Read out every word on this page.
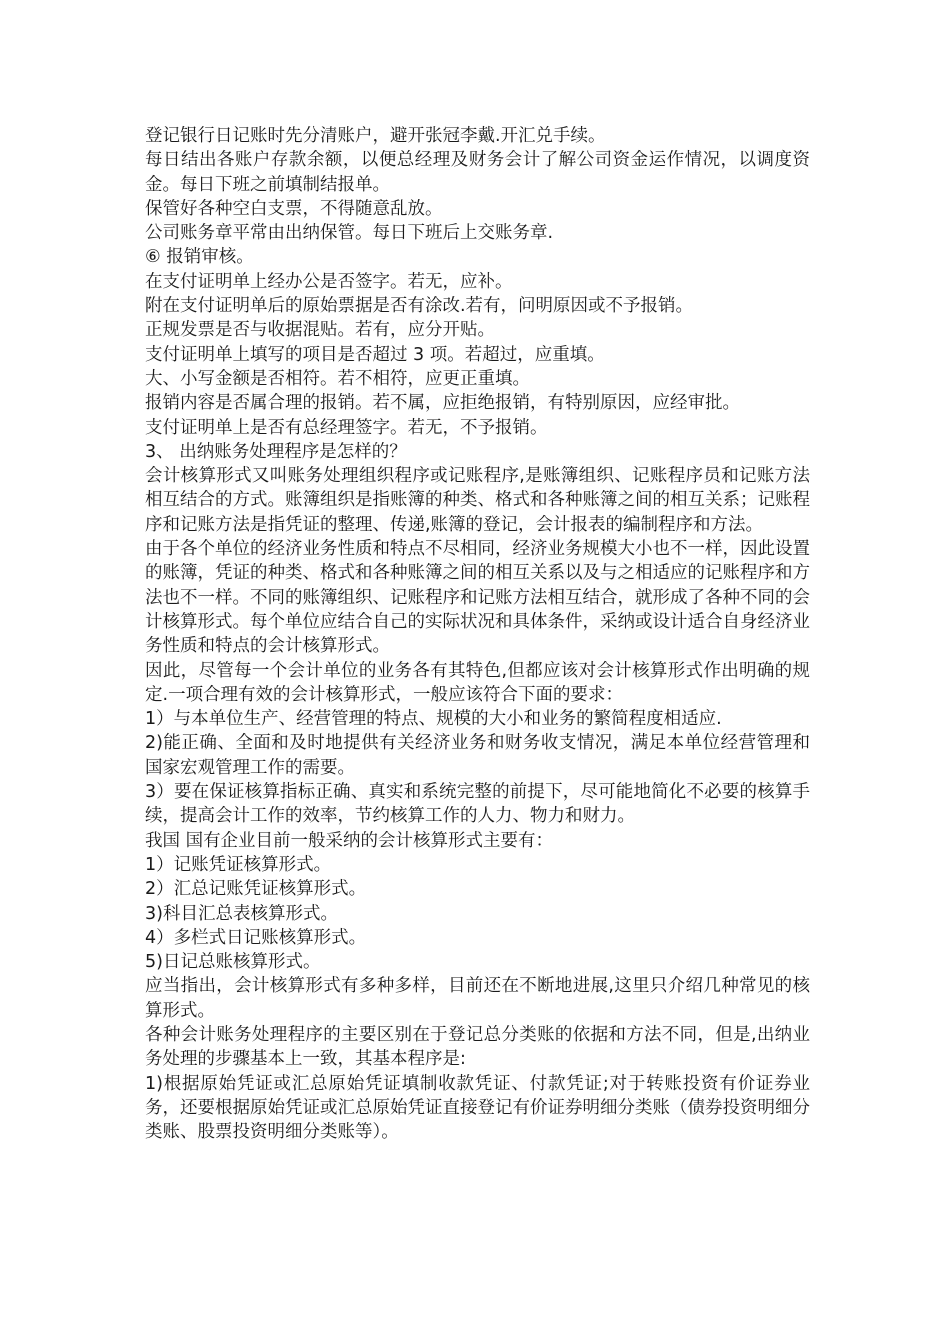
登记银行日记账时先分清账户，避开张冠李戴.开汇兑手续。

每日结出各账户存款余额，以便总经理及财务会计了解公司资金运作情况，以调度资金。每日下班之前填制结报单。

保管好各种空白支票，不得随意乱放。

公司账务章平常由出纳保管。每日下班后上交账务章.

⑥ 报销审核。

在支付证明单上经办公是否签字。若无，应补。

附在支付证明单后的原始票据是否有涂改.若有，问明原因或不予报销。

正规发票是否与收据混贴。若有，应分开贴。

支付证明单上填写的项目是否超过 3 项。若超过，应重填。

大、小写金额是否相符。若不相符，应更正重填。

报销内容是否属合理的报销。若不属，应拒绝报销，有特别原因，应经审批。

支付证明单上是否有总经理签字。若无，不予报销。

3、 出纳账务处理程序是怎样的？

会计核算形式又叫账务处理组织程序或记账程序,是账簿组织、记账程序员和记账方法相互结合的方式。账簿组织是指账簿的种类、格式和各种账簿之间的相互关系；记账程序和记账方法是指凭证的整理、传递,账簿的登记，会计报表的编制程序和方法。

由于各个单位的经济业务性质和特点不尽相同，经济业务规模大小也不一样，因此设置的账簿，凭证的种类、格式和各种账簿之间的相互关系以及与之相适应的记账程序和方法也不一样。不同的账簿组织、记账程序和记账方法相互结合，就形成了各种不同的会计核算形式。每个单位应结合自己的实际状况和具体条件，采纳或设计适合自身经济业务性质和特点的会计核算形式。

因此，尽管每一个会计单位的业务各有其特色,但都应该对会计核算形式作出明确的规定.一项合理有效的会计核算形式，一般应该符合下面的要求：

1）与本单位生产、经营管理的特点、规模的大小和业务的繁简程度相适应.

2)能正确、全面和及时地提供有关经济业务和财务收支情况，满足本单位经营管理和国家宏观管理工作的需要。

3）要在保证核算指标正确、真实和系统完整的前提下，尽可能地简化不必要的核算手续，提高会计工作的效率，节约核算工作的人力、物力和财力。

我国 国有企业目前一般采纳的会计核算形式主要有：

1）记账凭证核算形式。

2）汇总记账凭证核算形式。

3)科目汇总表核算形式。

4）多栏式日记账核算形式。

5)日记总账核算形式。

应当指出，会计核算形式有多种多样，目前还在不断地进展,这里只介绍几种常见的核算形式。

各种会计账务处理程序的主要区别在于登记总分类账的依据和方法不同，但是,出纳业务处理的步骤基本上一致，其基本程序是:

1)根据原始凭证或汇总原始凭证填制收款凭证、付款凭证;对于转账投资有价证券业务，还要根据原始凭证或汇总原始凭证直接登记有价证券明细分类账（债券投资明细分类账、股票投资明细分类账等）。
